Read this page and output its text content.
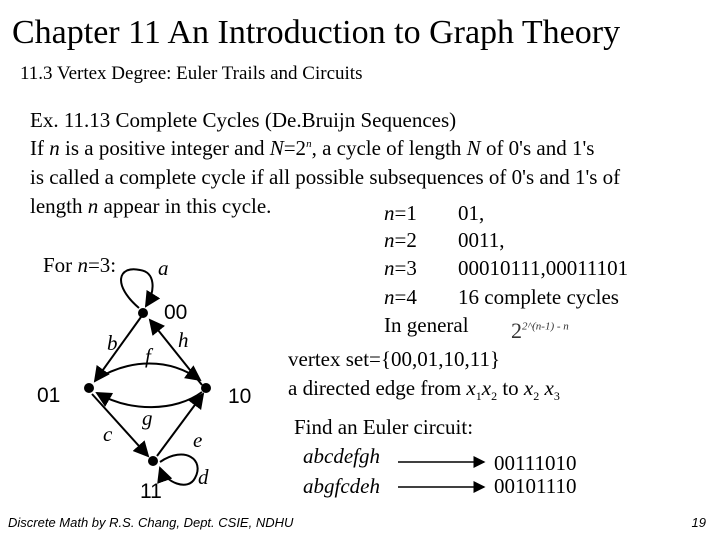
Chapter 11 An Introduction to Graph Theory
11.3 Vertex Degree: Euler Trails and Circuits
Ex. 11.13 Complete Cycles (De.Bruijn Sequences)
If n is a positive integer and $N=2^n$, a cycle of length N of 0's and 1's
is called a complete cycle if all possible subsequences of 0's and 1's of
length n appear in this cycle.	n=1 01,
n=2 0011,
n=3 00010111,00011101
n=4 16 complete cycles
In general $2^{2\^{}(n-1) - n}$
vertex set={00,01,10,11}
a directed edge from $x_1x_2$ to $x_2$ $x_3$
Find an Euler circuit:
abcdefgh	00111010
abgfcdeh	00101110
For n=3: a
b
c
d
e
f
g
h
00
01	10
11
Discrete Math by R.S. Chang, Dept. CSIE, NDHU	19
